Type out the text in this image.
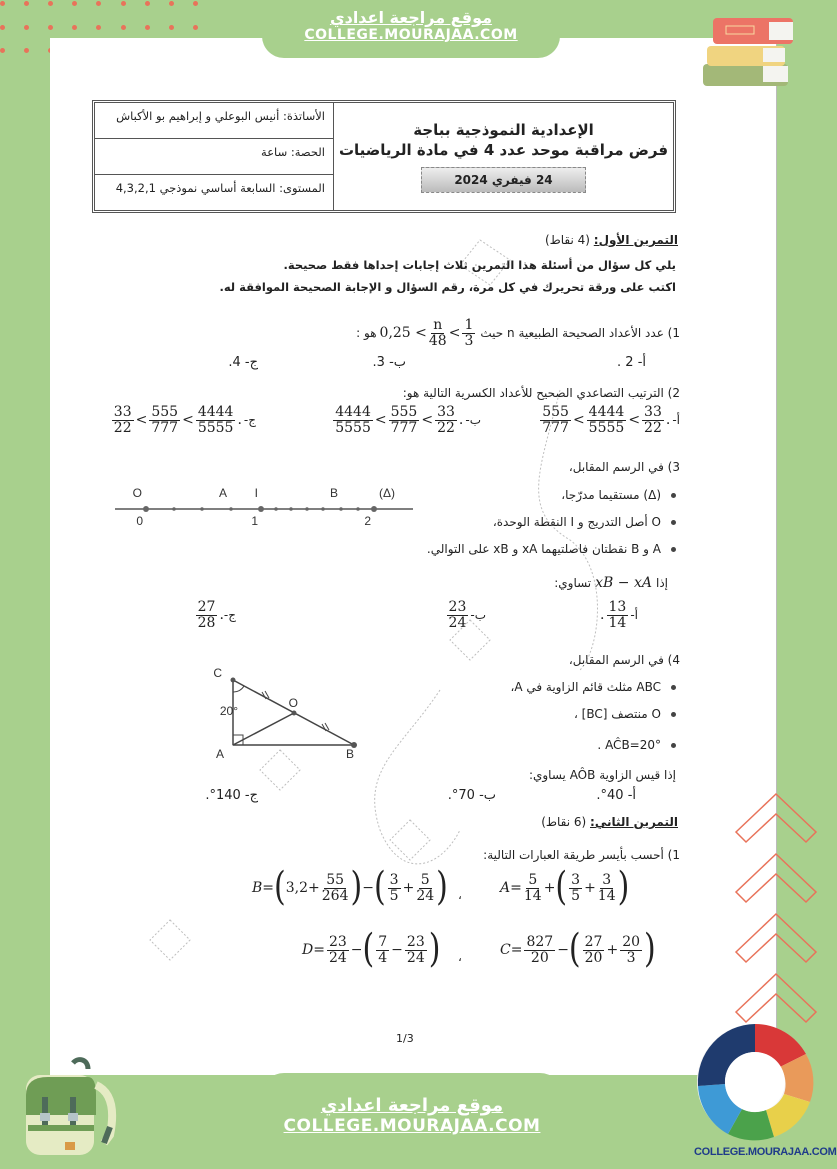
موقع مراجعة اعدادي
COLLEGE.MOURAJAA.COM
الإعدادية النموذجية بباجة
فرض مراقبة موحد عدد 4 في مادة الرياضيات
24 فيفري 2024
الأساتذة: أنيس البوعلي و إبراهيم بو الأكباش
الحصة: ساعة
المستوى: السابعة أساسي نموذجي 4,3,2,1
التمرين الأول: (4 نقاط)
يلي كل سؤال من أسئلة هذا التمرين ثلاث إجابات إحداها فقط صحيحة.
اكتب على ورقة تحريرك في كل مرة، رقم السؤال و الإجابة الصحيحة الموافقة له.
1) عدد الأعداد الصحيحة الطبيعية n حيث
$0,25 < \frac{n}{48} < \frac{1}{3}$
هو :
أ- 2 .
ب- 3.
ج- 4.
2) الترتيب التصاعدي الصحيح للأعداد الكسرية التالية هو:
أ-
$\frac{555}{777} < \frac{4444}{5555} < \frac{33}{22}$ .
ب-
$\frac{4444}{5555} < \frac{555}{777} < \frac{33}{22}$ .
ج-
$\frac{33}{22} < \frac{555}{777} < \frac{4444}{5555}$ .
3) في الرسم المقابل،
(Δ) مستقيما مدرّجا،
O أصل التدريج و I النقطة الوحدة،
A و B نقطتان فاصلتيهما xA و xB على التوالي.
O	A I	B	(Δ)
0	1	2
إذا
xB − xA
تساوي:
أ-
. $\frac{13}{14}$
ب-
$\frac{23}{24}$
ج-
$\frac{27}{28}$ .
4) في الرسم المقابل،
ABC مثلث قائم الزاوية في A،
O منتصف [BC] ،
AĈB=20° .
C
A	B
O
20°
إذا قيس الزاوية AÔB يساوي:
أ- 40°.
ب- 70°.
ج- 140°.
التمرين الثاني: (6 نقاط)
1) أحسب بأيسر طريقة العبارات التالية:
$A = \frac{5}{14}$ + ( $\frac{3}{5} + \frac{3}{14}$ )
،
B = ( $3,2+ \frac{55}{264}$ ) − ( $\frac{3}{5} + \frac{5}{24}$ )
$C = \frac{827}{20}$ − ( $\frac{27}{20} + \frac{20}{3}$ )
،
$D = \frac{23}{24}$ − ( $\frac{7}{4} - \frac{23}{24}$ )
1/3
موقع مراجعة اعدادي
COLLEGE.MOURAJAA.COM
COLLEGE.MOURAJAA.COM
